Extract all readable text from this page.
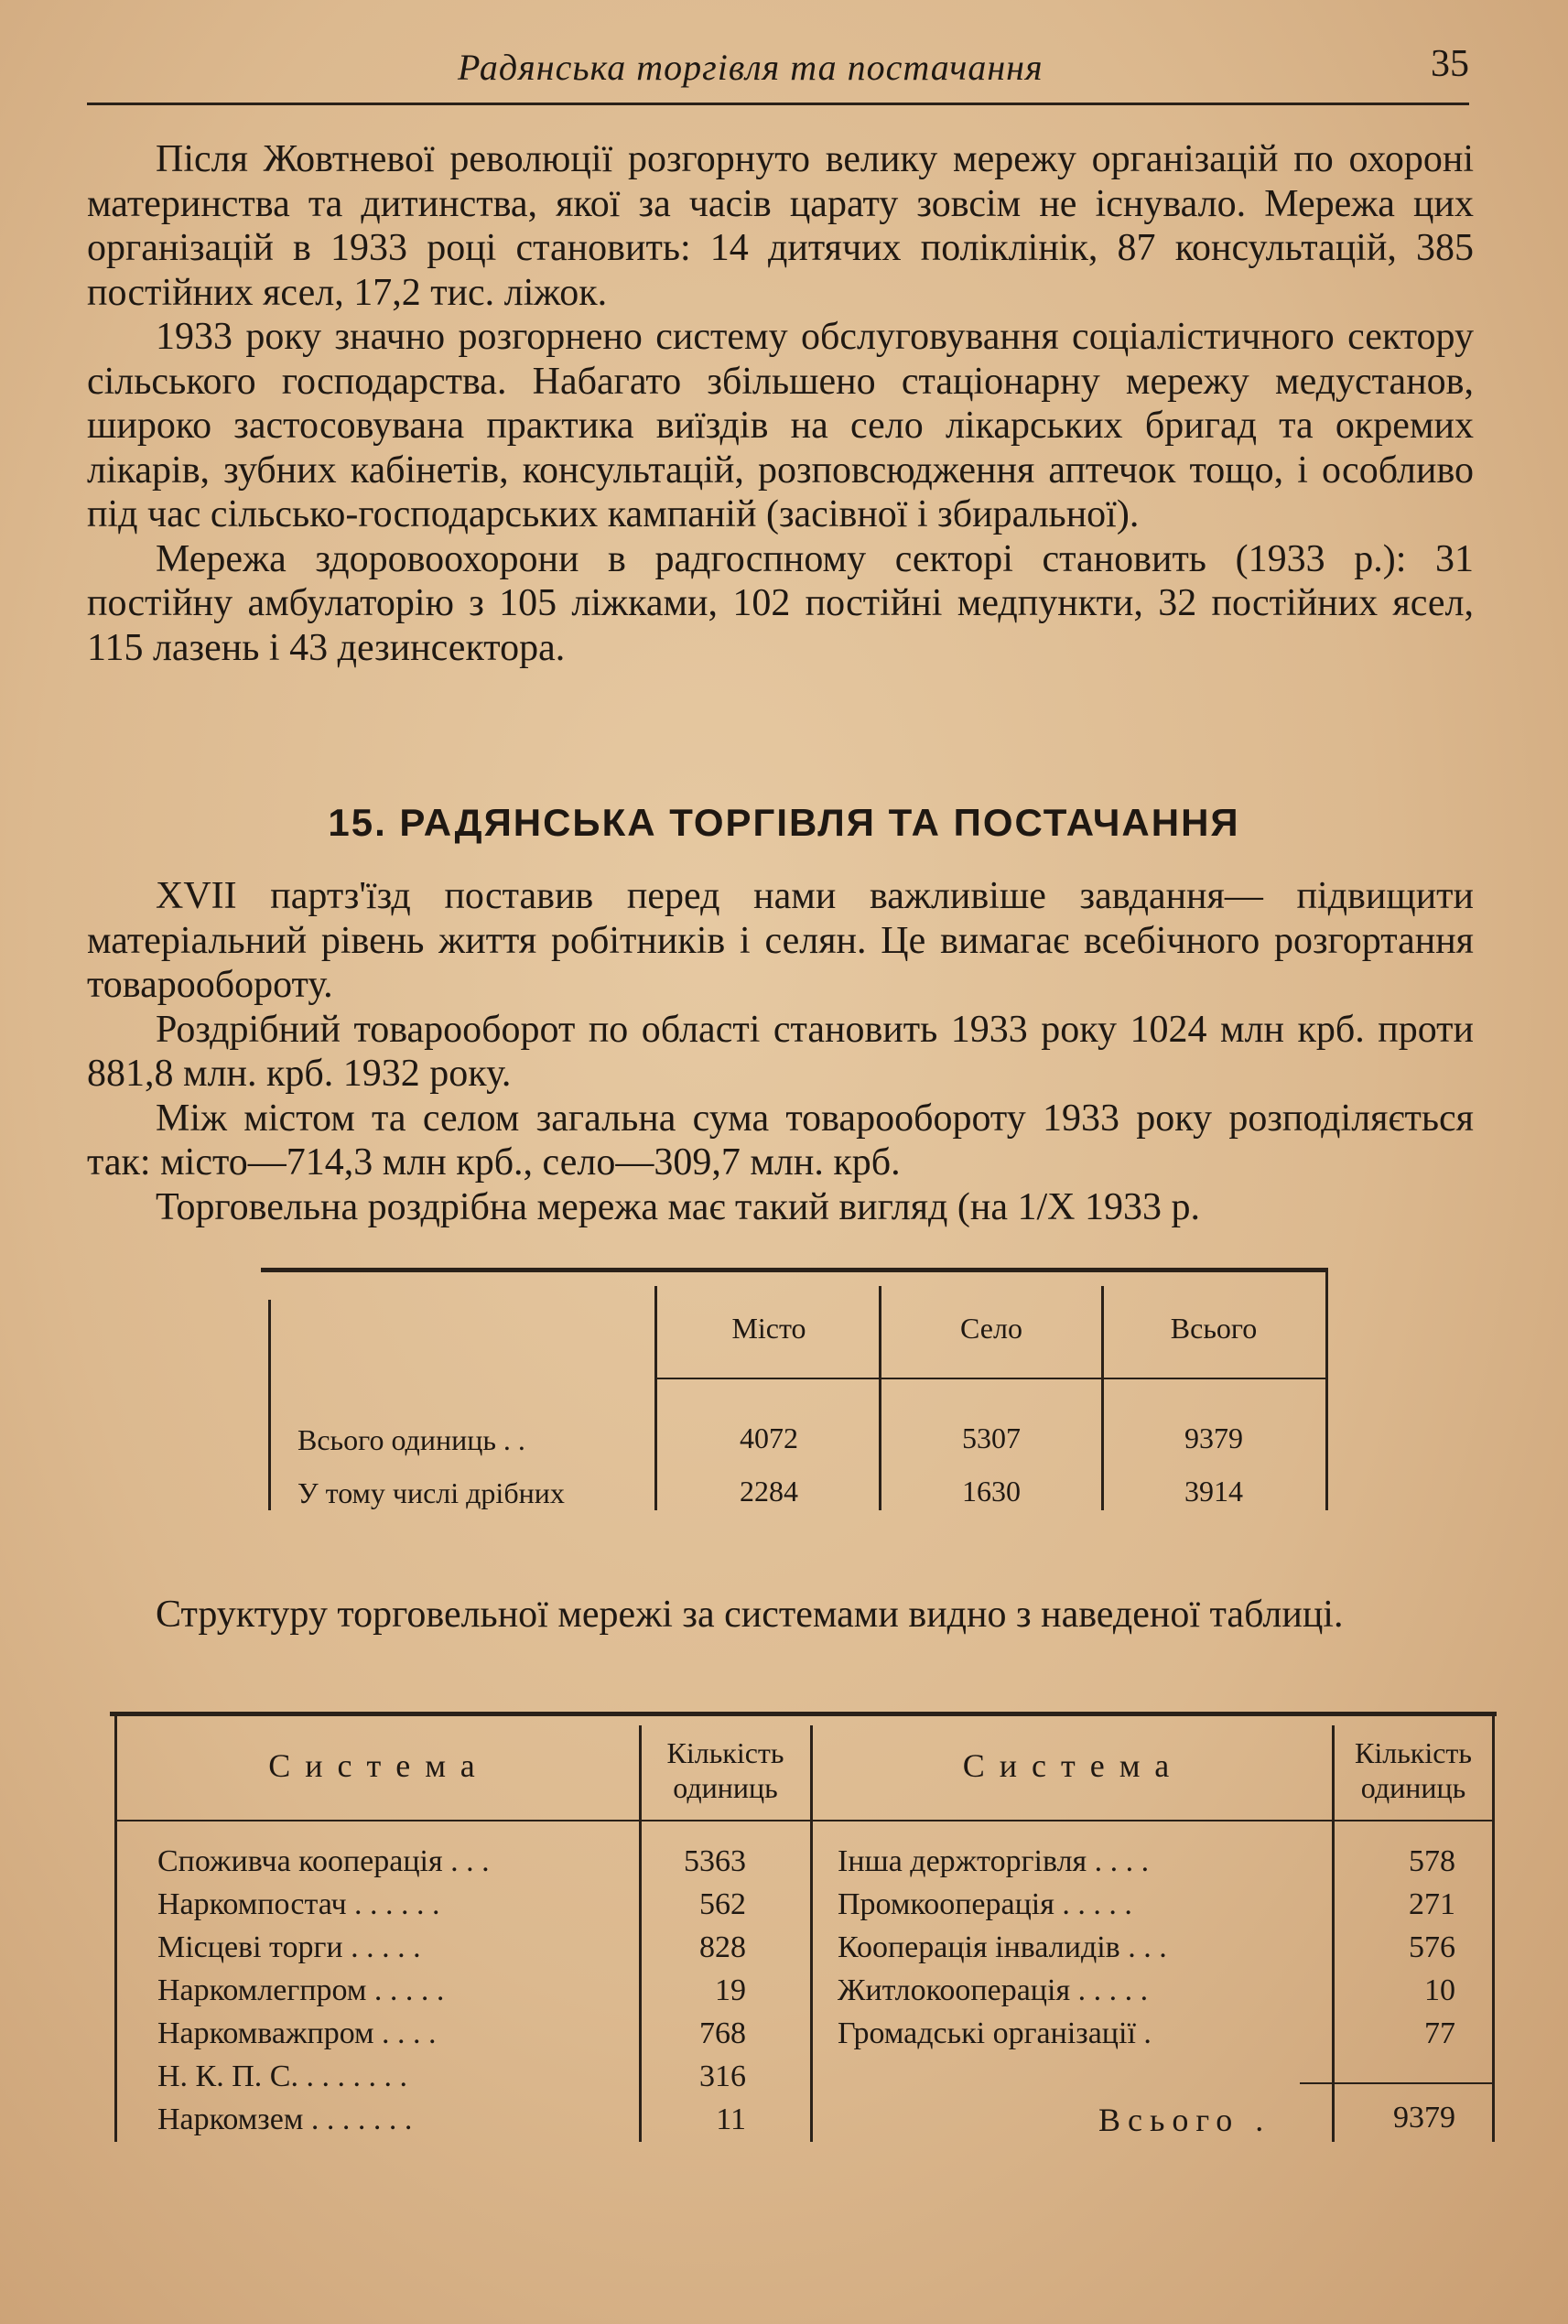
Радянська торгівля та постачання	35

Після Жовтневої революції розгорнуто велику мережу організацій по охороні материнства та дитинства, якої за часів царату зовсім не існувало. Мережа цих організацій в 1933 році становить: 14 дитячих поліклінік, 87 консультацій, 385 постійних ясел, 17,2 тис. ліжок.

1933 року значно розгорнено систему обслуговування соціалістичного сектору сільського господарства. Набагато збільшено стаціонарну мережу медустанов, широко застосовувана практика виїздів на село лікарських бригад та окремих лікарів, зубних кабінетів, консультацій, розповсюдження аптечок тощо, і особливо під час сільсько-господарських кампаній (засівної і збиральної).

Мережа здоровоохорони в радгоспному секторі становить (1933 р.): 31 постійну амбулаторію з 105 ліжками, 102 постійні медпункти, 32 постійних ясел, 115 лазень і 43 дезинсектора.

15. РАДЯНСЬКА ТОРГІВЛЯ ТА ПОСТАЧАННЯ

XVII партз'їзд поставив перед нами важливіше завдання— підвищити матеріальний рівень життя робітників і селян. Це вимагає всебічного розгортання товарообороту.

Роздрібний товарооборот по області становить 1933 року 1024 млн крб. проти 881,8 млн. крб. 1932 року.

Між містом та селом загальна сума товарообороту 1933 року розподіляється так: місто—714,3 млн крб., село—309,7 млн. крб.

Торговельна роздрібна мережа має такий вигляд (на 1/X 1933 р.

Місто	Село	Всього
Всього одиниць . .	4072	5307	9379
У тому числі дрібних	2284	1630	3914

Структуру торговельної мережі за системами видно з наведеної таблиці.

Система	Кількість
одиниць
Система	Кількість
одиниць
Споживча кооперація . . .	5363
Наркомпостач . . . . . .	562
Місцеві торги . . . . .	828
Наркомлегпром . . . . .	19
Наркомважпром . . . .	768
Н. К. П. С. . . . . . . .	316
Наркомзем . . . . . . .	11
Інша держторгівля . . . .	578
Промкооперація . . . . .	271
Кооперація інвалидів . . .	576
Житлокооперація . . . . .	10
Громадські організації .	77
Всього .	9379
